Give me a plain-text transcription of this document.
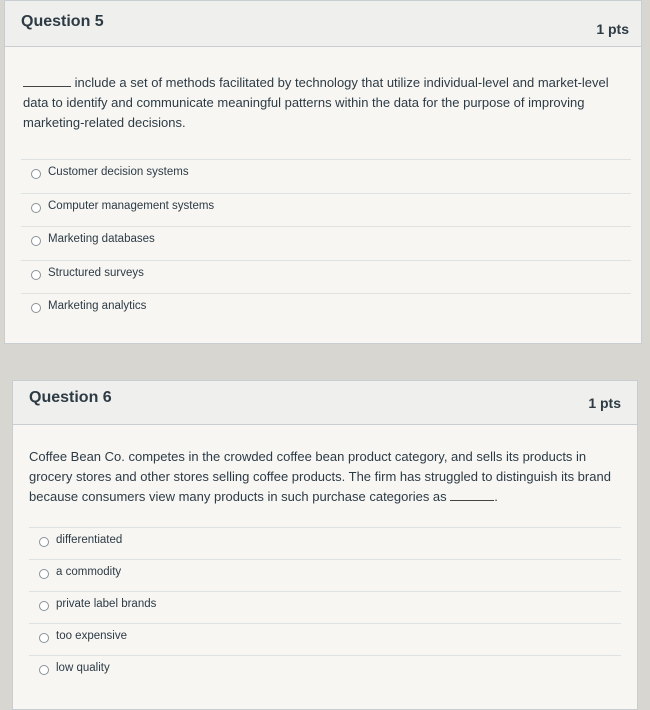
Question 5	1 pts
include a set of methods facilitated by technology that utilize individual-level and market-level data to identify and communicate meaningful patterns within the data for the purpose of improving marketing-related decisions.
Customer decision systems
Computer management systems
Marketing databases
Structured surveys
Marketing analytics
Question 6	1 pts
Coffee Bean Co. competes in the crowded coffee bean product category, and sells its products in grocery stores and other stores selling coffee products. The firm has struggled to distinguish its brand because consumers view many products in such purchase categories as	.
differentiated
a commodity
private label brands
too expensive
low quality
